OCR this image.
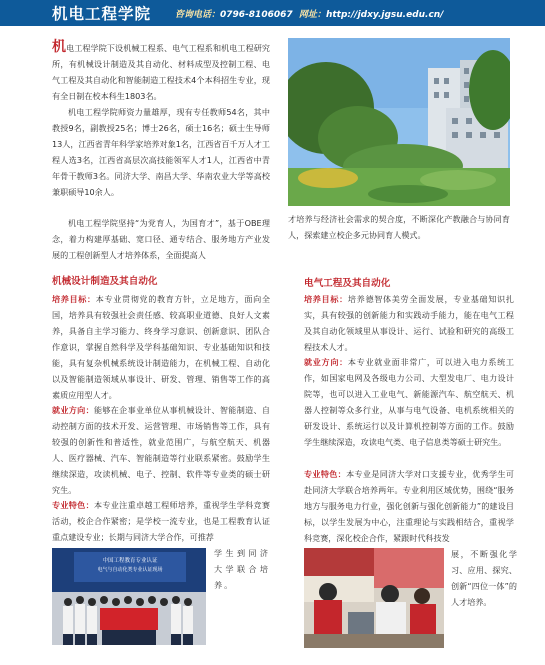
机电工程学院	咨询电话：0796-8106067 网址：http://jdxy.jgsu.edu.cn/
机电工程学院下设机械工程系、电气工程系和机电工程研究所，有机械设计制造及其自动化、材料成型及控制工程、电气工程及其自动化和智能制造工程技术4个本科招生专业，现有全日制在校本科生1803名。
机电工程学院师资力量雄厚，现有专任教师54名，其中教授9名，副教授25名；博士26名，硕士16名；硕士生导师13人，江西省青年科学家培养对象1名，江西省百千万人才工程人选3名，江西省高层次高技能领军人才1人，江西省中青年骨干教师3名。同济大学、南昌大学、华南农业大学等高校兼职硕导10余人。
机电工程学院坚持“为党育人，为国育才”，基于OBE理念，着力构建厚基础、宽口径、通专结合、服务地方产业发展的工程创新型人才培养体系，全面提高人
才培养与经济社会需求的契合度，不断深化产教融合与协同育人，探索建立校企多元协同育人模式。
机械设计制造及其自动化
培养目标：本专业贯彻党的教育方针，立足地方，面向全国，培养具有较强社会责任感、较高职业道德、良好人文素养，具备自主学习能力、终身学习意识、创新意识、团队合作意识，掌握自然科学及学科基础知识、专业基础知识和技能，具有复杂机械系统设计制造能力，在机械工程、自动化以及智能制造领域从事设计、研发、管理、销售等工作的高素质应用型人才。
就业方向：能够在企事业单位从事机械设计、智能制造、自动控制方面的技术开发、运营管理、市场销售等工作，具有较强的创新性和普适性，就业范围广，与航空航天、机器人、医疗器械、汽车、智能制造等行业联系紧密。鼓励学生继续深造，攻读机械、电子、控制、软件等专业类的硕士研究生。
专业特色：本专业注重卓越工程师培养，重视学生学科竞赛活动，校企合作紧密；是学校一流专业，也是工程教育认证重点建设专业；长期与同济大学合作，可推荐
学生到同济大学联合培养。
中国工程教育专业认证
电气与自动化类专业认证现场
电气工程及其自动化
培养目标：培养德智体美劳全面发展，专业基础知识扎实，具有较强的创新能力和实践动手能力，能在电气工程及其自动化领域里从事设计、运行、试验和研究的高级工程技术人才。
就业方向：本专业就业面非常广，可以进入电力系统工作，如国家电网及各级电力公司、大型发电厂、电力设计院等，也可以进入工业电气、新能源汽车、航空航天、机器人控制等众多行业，从事与电气设备、电机系统相关的研发设计、系统运行以及计算机控制等方面的工作。鼓励学生继续深造，攻读电气类、电子信息类等硕士研究生。
专业特色：本专业是同济大学对口支援专业，优秀学生可赴同济大学联合培养两年。专业利用区域优势，围绕“服务地方与服务电力行业，强化创新与强化创新能力”的建设目标，以学生发展为中心，注重理论与实践相结合，重视学科竞赛，深化校企合作，紧跟时代科技发
展，不断强化学习、应用、探究、创新“四位一体”的人才培养。
